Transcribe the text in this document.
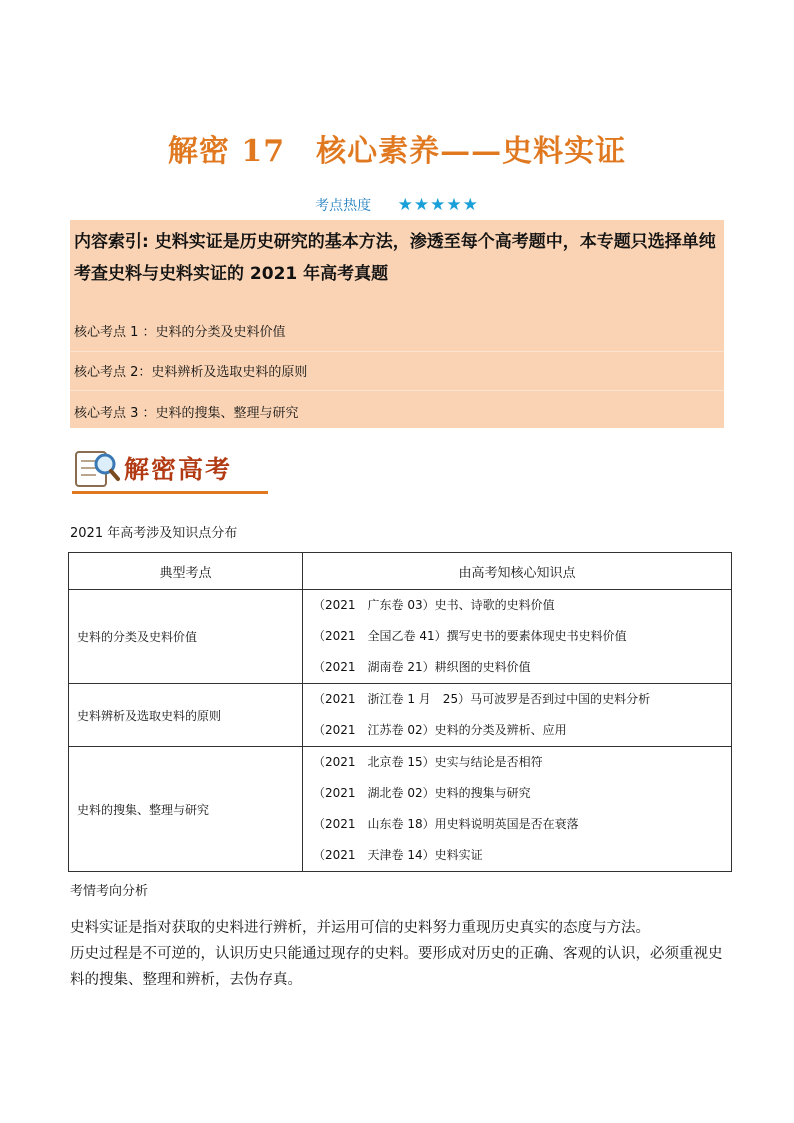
解密 17　核心素养——史料实证
考点热度 ★★★★★
内容索引: 史料实证是历史研究的基本方法，渗透至每个高考题中，本专题只选择单纯考查史料与史料实证的 2021 年高考真题
核心考点 1 ：史料的分类及史料价值
核心考点 2：史料辨析及选取史料的原则
核心考点 3 ：史料的搜集、整理与研究
解密高考
2021 年高考涉及知识点分布
典型考点	由高考知核心知识点
史料的分类及史料价值	（2021　广东卷 03）史书、诗歌的史料价值
（2021　全国乙卷 41）撰写史书的要素体现史书史料价值
（2021　湖南卷 21）耕织图的史料价值

史料辨析及选取史料的原则	（2021　浙江卷 1 月　25）马可波罗是否到过中国的史料分析
（2021　江苏卷 02）史料的分类及辨析、应用

史料的搜集、整理与研究	（2021　北京卷 15）史实与结论是否相符
（2021　湖北卷 02）史料的搜集与研究
（2021　山东卷 18）用史料说明英国是否在衰落
（2021　天津卷 14）史料实证
考情考向分析
史料实证是指对获取的史料进行辨析，并运用可信的史料努力重现历史真实的态度与方法。
历史过程是不可逆的，认识历史只能通过现存的史料。要形成对历史的正确、客观的认识，必须重视史料的搜集、整理和辨析，去伪存真。
